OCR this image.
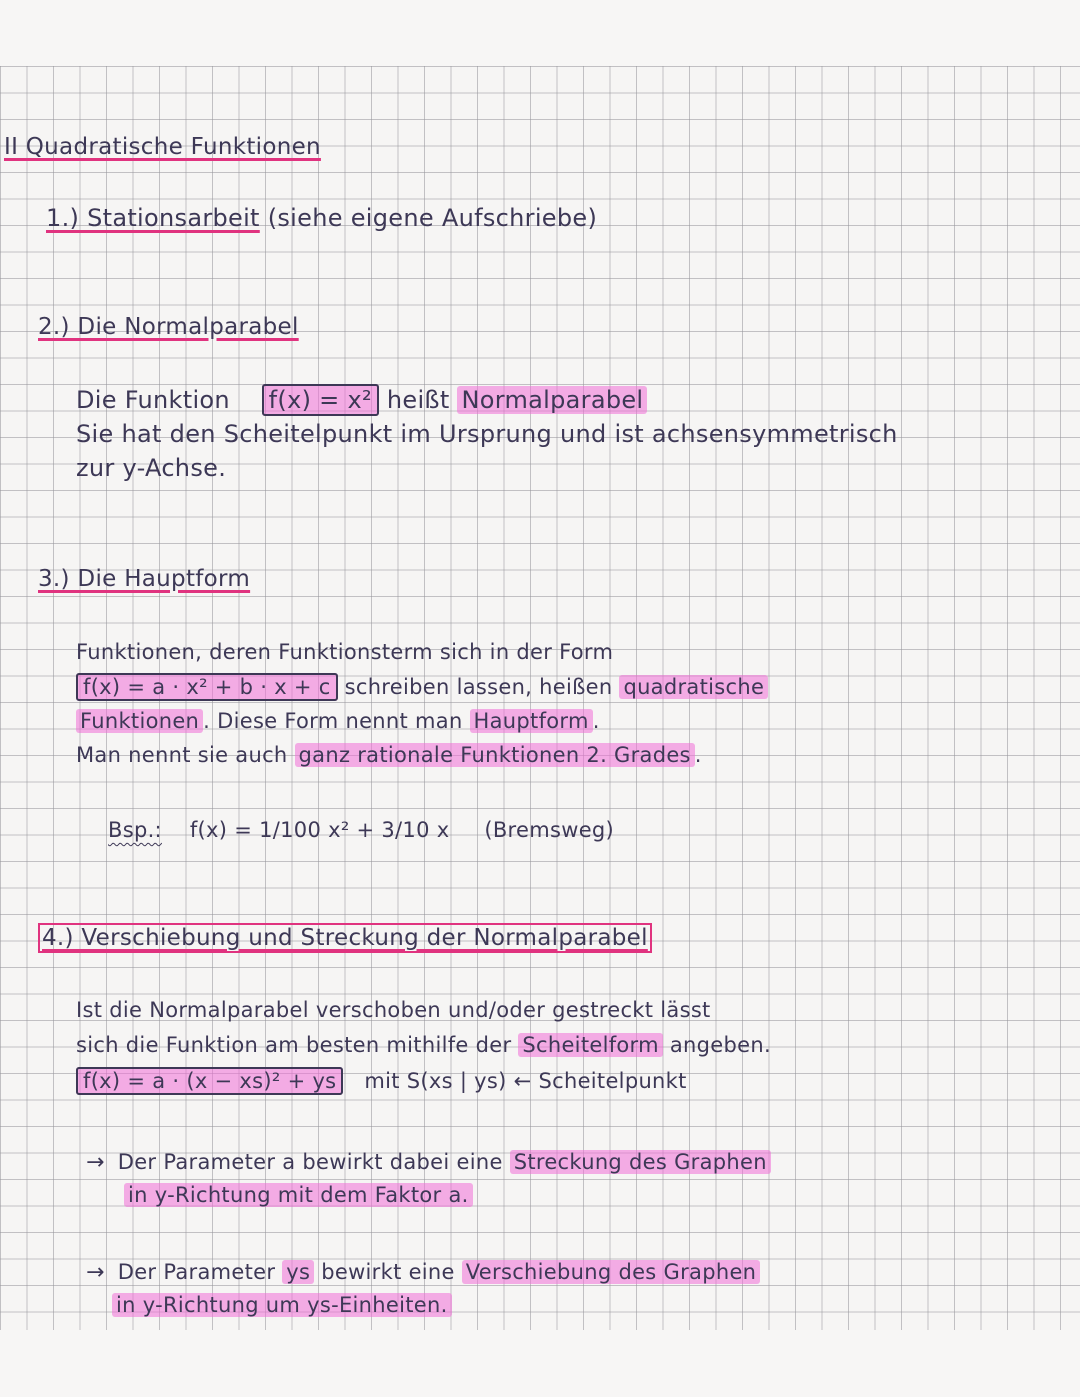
II Quadratische Funktionen
1.) Stationsarbeit (siehe eigene Aufschriebe)
2.) Die Normalparabel
Die Funktion f(x) = x² heißt Normalparabel
Sie hat den Scheitelpunkt im Ursprung und ist achsensymmetrisch
zur y-Achse.
3.) Die Hauptform
Funktionen, deren Funktionsterm sich in der Form
f(x) = a · x² + b · x + c schreiben lassen, heißen quadratische
Funktionen . Diese Form nennt man Hauptform .
Man nennt sie auch ganz rationale Funktionen 2. Grades .
Bsp.: f(x) = 1/100 x² + 3/10 x (Bremsweg)
4.) Verschiebung und Streckung der Normalparabel
Ist die Normalparabel verschoben und/oder gestreckt lässt
sich die Funktion am besten mithilfe der Scheitelform angeben.
f(x) = a · (x − xs)² + ys mit S(xs | ys) ← Scheitelpunkt
→ Der Parameter a bewirkt dabei eine Streckung des Graphen
in y-Richtung mit dem Faktor a.
→ Der Parameter ys bewirkt eine Verschiebung des Graphen
in y-Richtung um ys-Einheiten.
